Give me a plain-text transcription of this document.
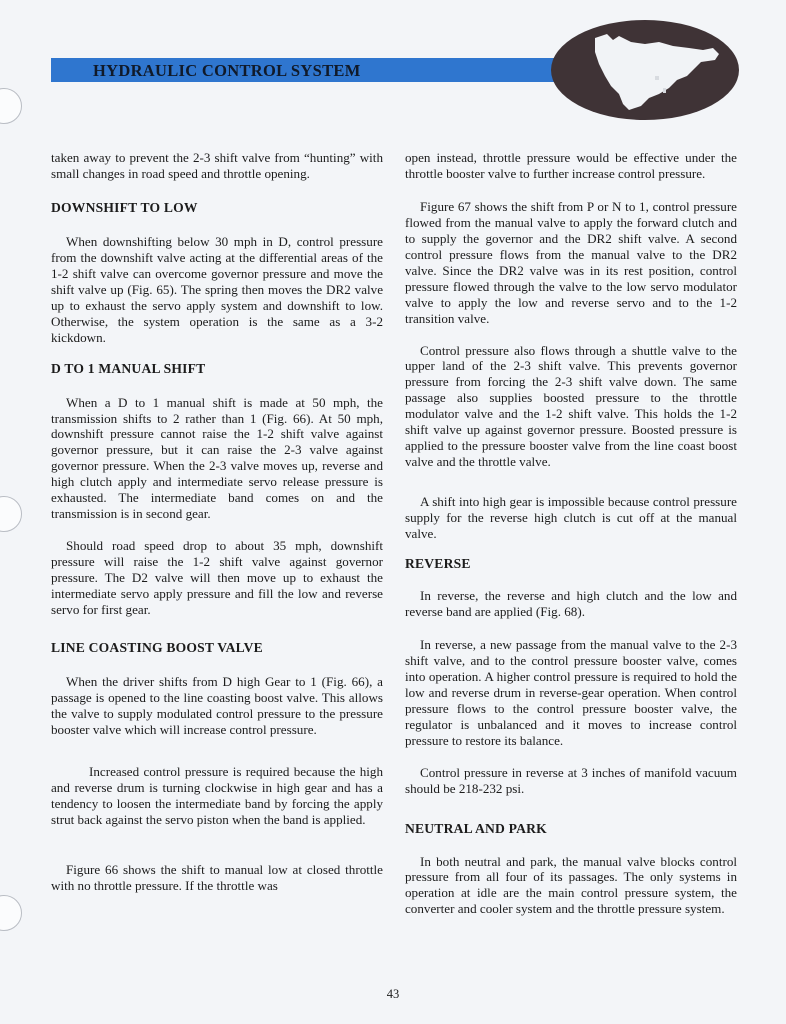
HYDRAULIC CONTROL SYSTEM

taken away to prevent the 2-3 shift valve from “hunting” with small changes in road speed and throttle opening.

DOWNSHIFT TO LOW

When downshifting below 30 mph in D, control pressure from the downshift valve acting at the differential areas of the 1-2 shift valve can overcome governor pressure and move the shift valve up (Fig. 65). The spring then moves the DR2 valve up to exhaust the servo apply system and downshift to low. Otherwise, the system operation is the same as a 3-2 kickdown.

D TO 1 MANUAL SHIFT

When a D to 1 manual shift is made at 50 mph, the transmission shifts to 2 rather than 1 (Fig. 66). At 50 mph, downshift pressure cannot raise the 1-2 shift valve against governor pressure, but it can raise the 2-3 valve against governor pressure. When the 2-3 valve moves up, reverse and high clutch apply and intermediate servo release pressure is exhausted. The intermediate band comes on and the transmission is in second gear.

Should road speed drop to about 35 mph, downshift pressure will raise the 1-2 shift valve against governor pressure. The D2 valve will then move up to exhaust the intermediate servo apply pressure and fill the low and reverse servo for first gear.

LINE COASTING BOOST VALVE

When the driver shifts from D high Gear to 1 (Fig. 66), a passage is opened to the line coasting boost valve. This allows the valve to supply modulated control pressure to the pressure booster valve which will increase control pressure.

Increased control pressure is required because the high and reverse drum is turning clockwise in high gear and has a tendency to loosen the intermediate band by forcing the apply strut back against the servo piston when the band is applied.

Figure 66 shows the shift to manual low at closed throttle with no throttle pressure. If the throttle was

open instead, throttle pressure would be effective under the throttle booster valve to further increase control pressure.

Figure 67 shows the shift from P or N to 1, control pressure flowed from the manual valve to apply the forward clutch and to supply the governor and the DR2 shift valve. A second control pressure flows from the manual valve to the DR2 valve. Since the DR2 valve was in its rest position, control pressure flowed through the valve to the low servo modulator valve to apply the low and reverse servo and to the 1-2 transition valve.

Control pressure also flows through a shuttle valve to the upper land of the 2-3 shift valve. This prevents governor pressure from forcing the 2-3 shift valve down. The same passage also supplies boosted pressure to the throttle modulator valve and the 1-2 shift valve. This holds the 1-2 shift valve up against governor pressure. Boosted pressure is applied to the pressure booster valve from the line coast boost valve and the throttle valve.

A shift into high gear is impossible because control pressure supply for the reverse high clutch is cut off at the manual valve.

REVERSE

In reverse, the reverse and high clutch and the low and reverse band are applied (Fig. 68).

In reverse, a new passage from the manual valve to the 2-3 shift valve, and to the control pressure booster valve, comes into operation. A higher control pressure is required to hold the low and reverse drum in reverse-gear operation. When control pressure flows to the control pressure booster valve, the regulator is unbalanced and it moves to increase control pressure to restore its balance.

Control pressure in reverse at 3 inches of manifold vacuum should be 218-232 psi.

NEUTRAL AND PARK

In both neutral and park, the manual valve blocks control pressure from all four of its passages. The only systems in operation at idle are the main control pressure system, the converter and cooler system and the throttle pressure system.

43
